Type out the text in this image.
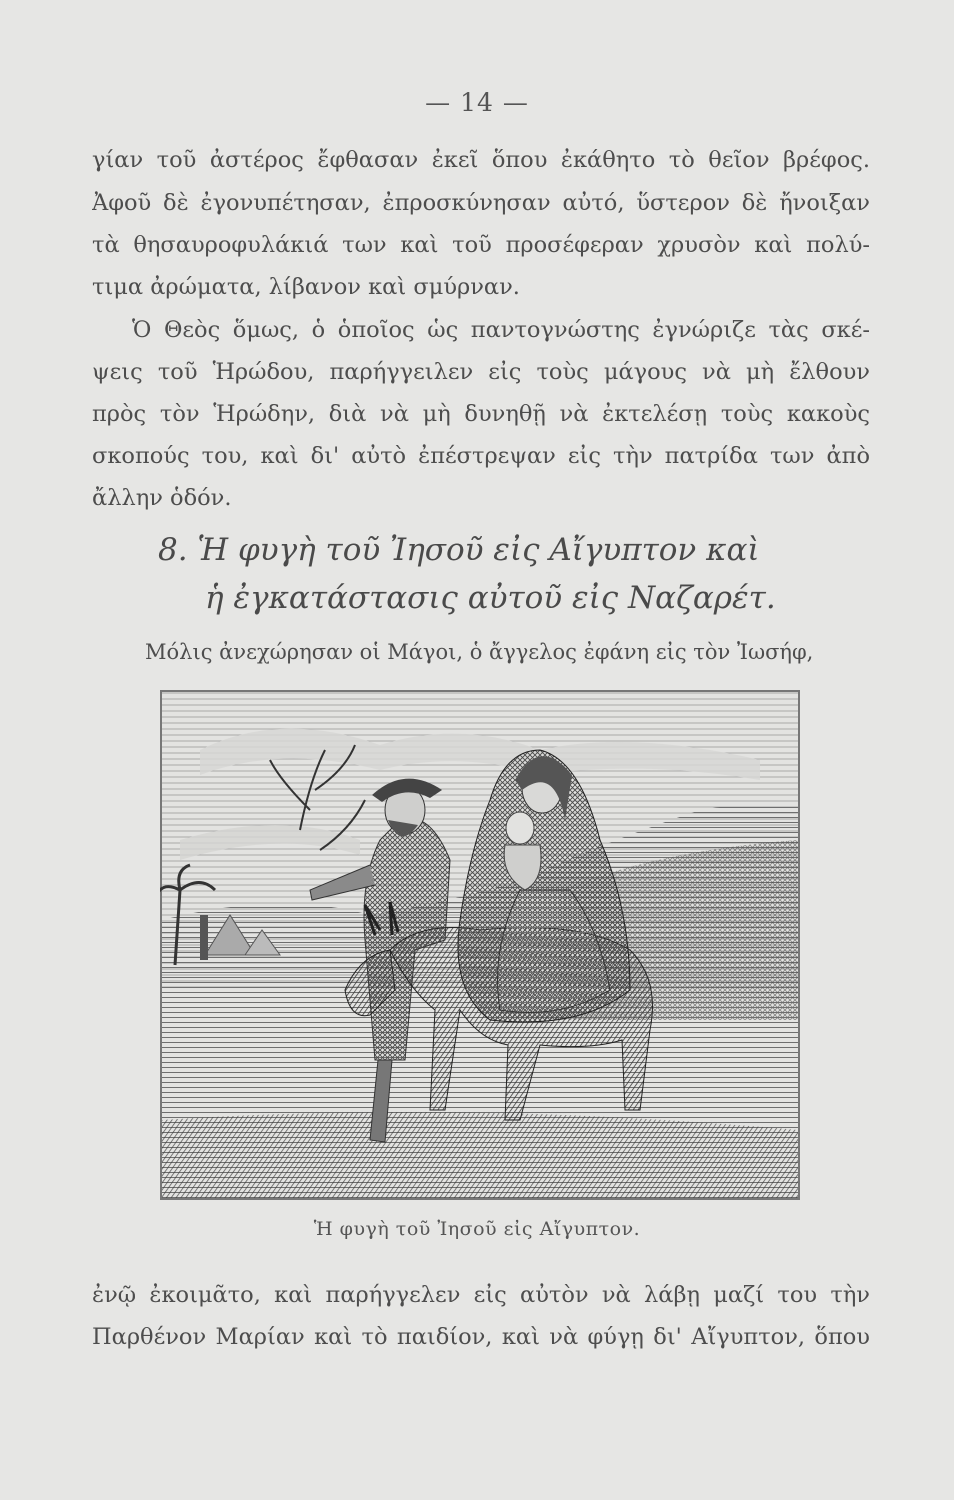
— 14 —
γίαν τοῦ ἀστέρος ἔφθασαν ἐκεῖ ὅπου ἐκάθητο τὸ θεῖον βρέφος.
Ἀφοῦ δὲ ἐγονυπέτησαν, ἐπροσκύνησαν αὐτό, ὕστερον δὲ ἤνοιξαν
τὰ θησαυροφυλάκιά των καὶ τοῦ προσέφεραν χρυσὸν καὶ πολύ-
τιμα ἀρώματα, λίβανον καὶ σμύρναν.
Ὁ Θεὸς ὅμως, ὁ ὁποῖος ὡς παντογνώστης ἐγνώριζε τὰς σκέ-
ψεις τοῦ Ἡρώδου, παρήγγειλεν εἰς τοὺς μάγους νὰ μὴ ἔλθουν
πρὸς τὸν Ἡρώδην, διὰ νὰ μὴ δυνηθῇ νὰ ἐκτελέσῃ τοὺς κακοὺς
σκοπούς του, καὶ δι' αὐτὸ ἐπέστρεψαν εἰς τὴν πατρίδα των ἀπὸ
ἄλλην ὁδόν.
8. Ἡ φυγὴ τοῦ Ἰησοῦ εἰς Αἴγυπτον καὶ
ἡ ἐγκατάστασις αὐτοῦ εἰς Ναζαρέτ.
Μόλις ἀνεχώρησαν οἱ Μάγοι, ὁ ἄγγελος ἐφάνη εἰς τὸν Ἰωσήφ,
Ἡ φυγὴ τοῦ Ἰησοῦ εἰς Αἴγυπτον.
ἐνῷ ἐκοιμᾶτο, καὶ παρήγγελεν εἰς αὐτὸν νὰ λάβῃ μαζί του τὴν
Παρθένον Μαρίαν καὶ τὸ παιδίον, καὶ νὰ φύγῃ δι' Αἴγυπτον, ὅπου
